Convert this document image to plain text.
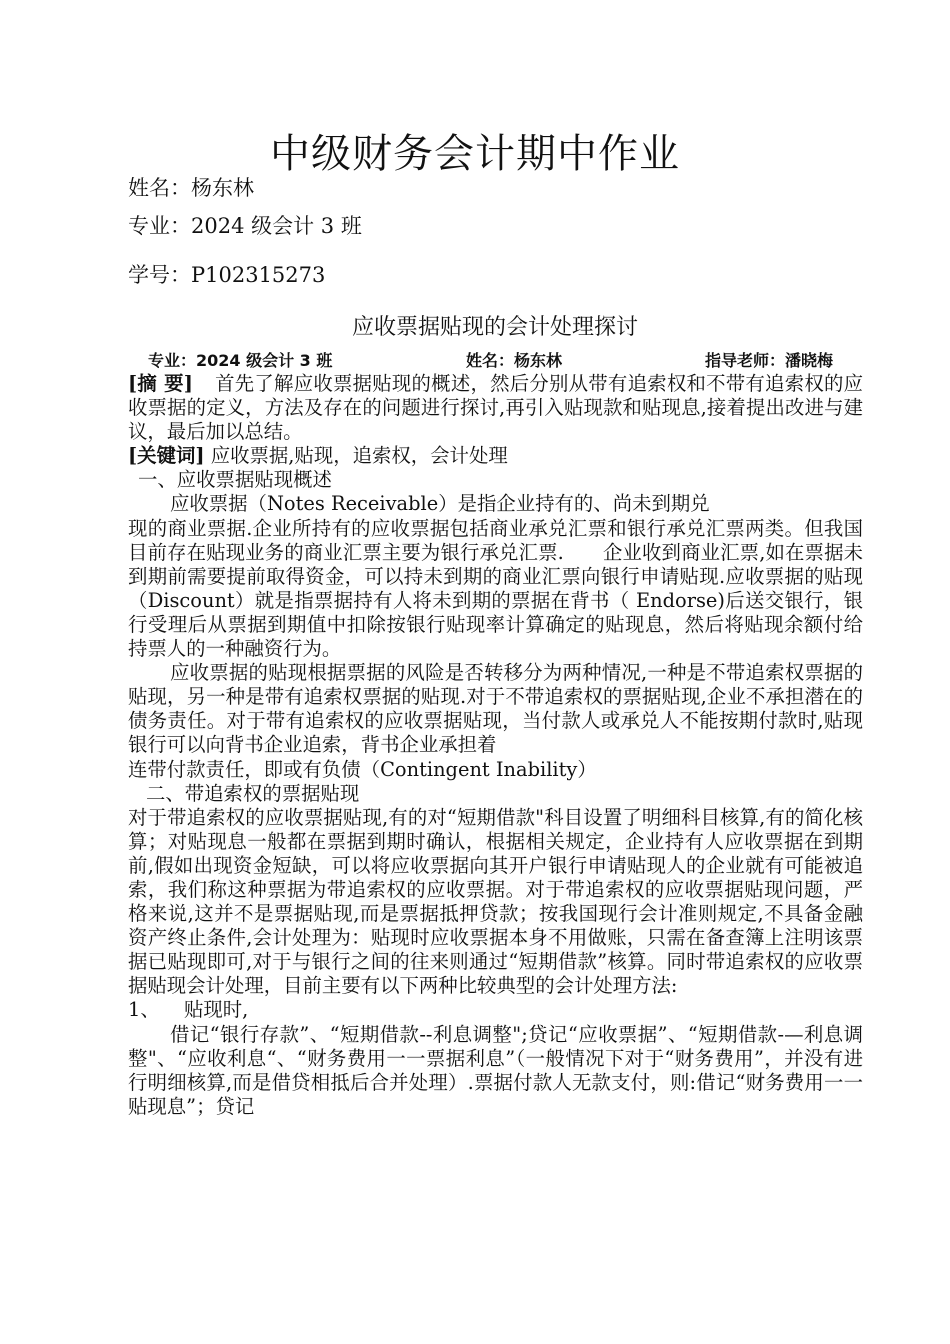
中级财务会计期中作业
姓名：杨东林
专业：2024 级会计 3 班
学号：P102315273
应收票据贴现的会计处理探讨
专业：2024 级会计 3 班	姓名：杨东林	指导老师：潘晓梅

[摘 要] 首先了解应收票据贴现的概述，然后分别从带有追索权和不带有追索权的应收票据的定义，方法及存在的问题进行探讨,再引入贴现款和贴现息,接着提出改进与建议，最后加以总结。

[关键词] 应收票据,贴现，追索权，会计处理

一、应收票据贴现概述

应收票据（Notes Receivable）是指企业持有的、尚未到期兑

现的商业票据.企业所持有的应收票据包括商业承兑汇票和银行承兑汇票两类。但我国目前存在贴现业务的商业汇票主要为银行承兑汇票.　　企业收到商业汇票,如在票据未到期前需要提前取得资金，可以持未到期的商业汇票向银行申请贴现.应收票据的贴现（Discount）就是指票据持有人将未到期的票据在背书（ Endorse)后送交银行，银行受理后从票据到期值中扣除按银行贴现率计算确定的贴现息，然后将贴现余额付给持票人的一种融资行为。

应收票据的贴现根据票据的风险是否转移分为两种情况,一种是不带追索权票据的贴现，另一种是带有追索权票据的贴现.对于不带追索权的票据贴现,企业不承担潜在的债务责任。对于带有追索权的应收票据贴现，当付款人或承兑人不能按期付款时,贴现银行可以向背书企业追索，背书企业承担着

连带付款责任，即或有负债（Contingent Inability）

二、带追索权的票据贴现

对于带追索权的应收票据贴现,有的对“短期借款"科目设置了明细科目核算,有的简化核算；对贴现息一般都在票据到期时确认，根据相关规定，企业持有人应收票据在到期前,假如出现资金短缺，可以将应收票据向其开户银行申请贴现人的企业就有可能被追索，我们称这种票据为带追索权的应收票据。对于带追索权的应收票据贴现问题，严格来说,这并不是票据贴现,而是票据抵押贷款；按我国现行会计准则规定,不具备金融资产终止条件,会计处理为：贴现时应收票据本身不用做账，只需在备查簿上注明该票据已贴现即可,对于与银行之间的往来则通过“短期借款”核算。同时带追索权的应收票据贴现会计处理，目前主要有以下两种比较典型的会计处理方法:

1、	贴现时,

借记“银行存款”、“短期借款--利息调整";贷记“应收票据”、“短期借款-—利息调整"、“应收利息“、“财务费用一一票据利息”（一般情况下对于“财务费用”，并没有进行明细核算,而是借贷相抵后合并处理）.票据付款人无款支付，则:借记“财务费用一一贴现息”；贷记
